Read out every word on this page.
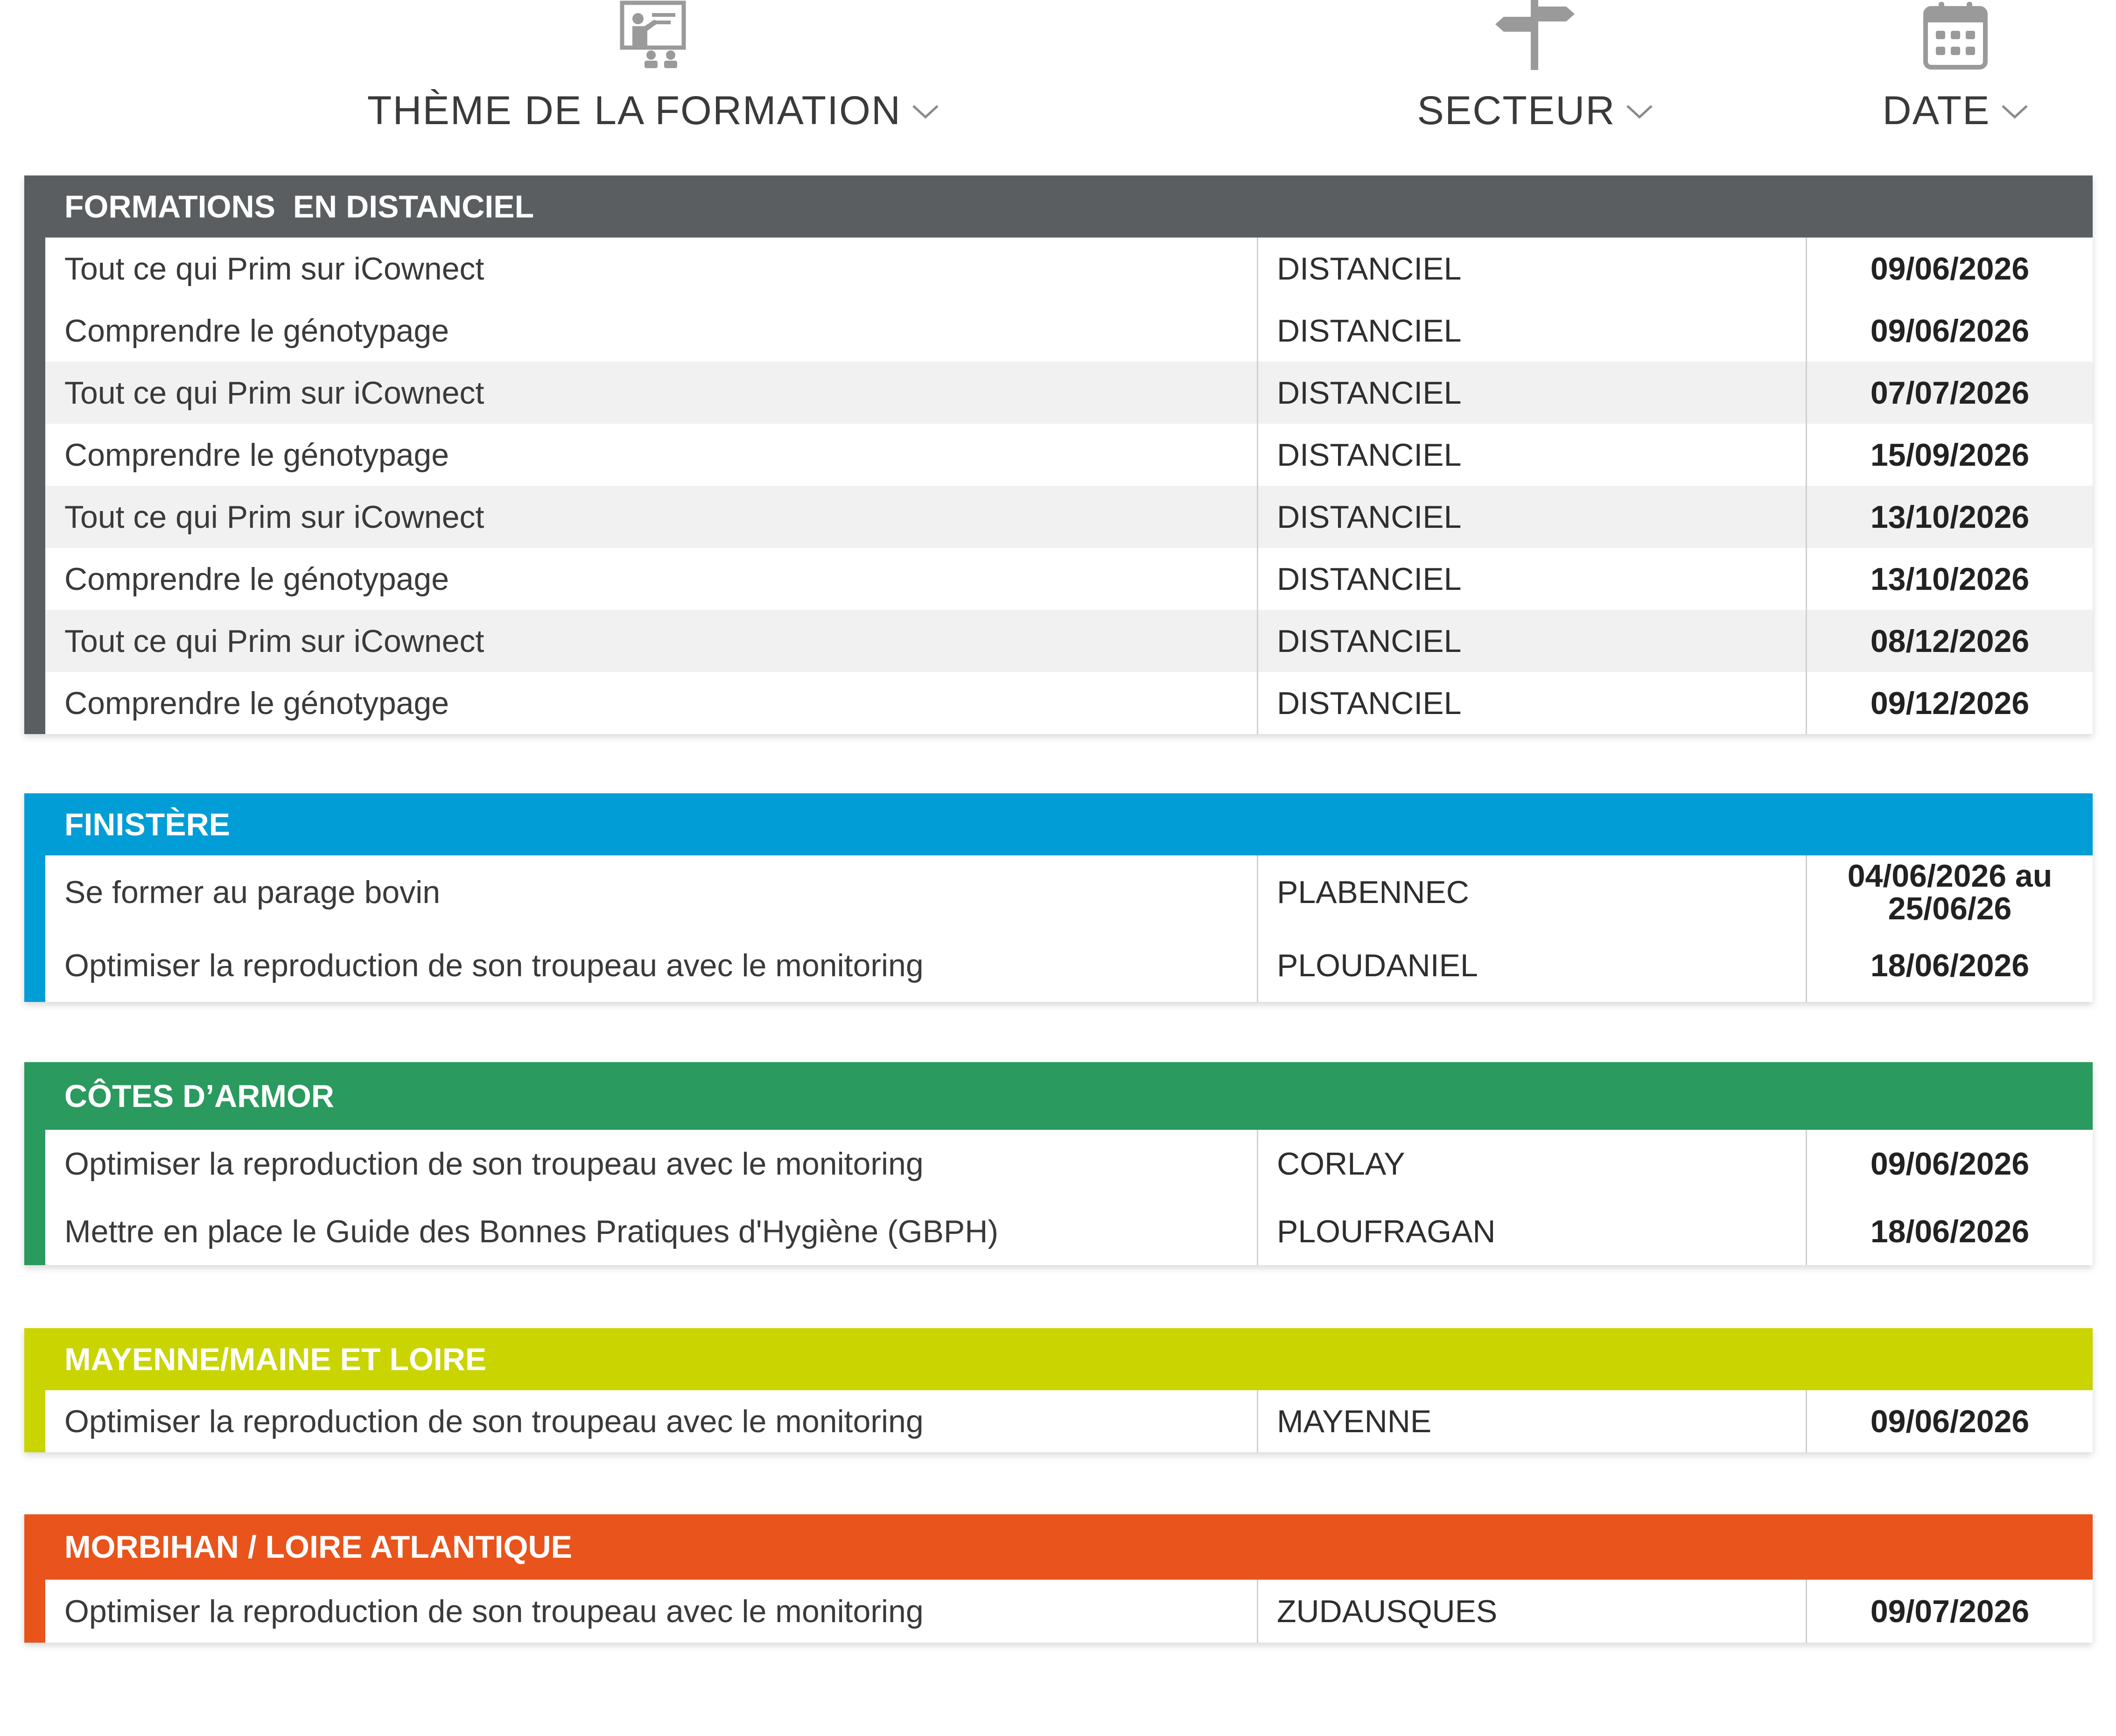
THÈME DE LA FORMATION	SECTEUR	DATE
FORMATIONS  EN DISTANCIEL
Tout ce qui Prim sur iCownect	DISTANCIEL	09/06/2026
Comprendre le génotypage	DISTANCIEL	09/06/2026
Tout ce qui Prim sur iCownect	DISTANCIEL	07/07/2026
Comprendre le génotypage	DISTANCIEL	15/09/2026
Tout ce qui Prim sur iCownect	DISTANCIEL	13/10/2026
Comprendre le génotypage	DISTANCIEL	13/10/2026
Tout ce qui Prim sur iCownect	DISTANCIEL	08/12/2026
Comprendre le génotypage	DISTANCIEL	09/12/2026
FINISTÈRE
Se former au parage bovin	PLABENNEC	04/06/2026 au
25/06/26
Optimiser la reproduction de son troupeau avec le monitoring	PLOUDANIEL	18/06/2026
CÔTES D’ARMOR
Optimiser la reproduction de son troupeau avec le monitoring	CORLAY	09/06/2026
Mettre en place le Guide des Bonnes Pratiques d'Hygiène (GBPH)	PLOUFRAGAN	18/06/2026
MAYENNE/MAINE ET LOIRE
Optimiser la reproduction de son troupeau avec le monitoring	MAYENNE	09/06/2026
MORBIHAN / LOIRE ATLANTIQUE
Optimiser la reproduction de son troupeau avec le monitoring	ZUDAUSQUES	09/07/2026
